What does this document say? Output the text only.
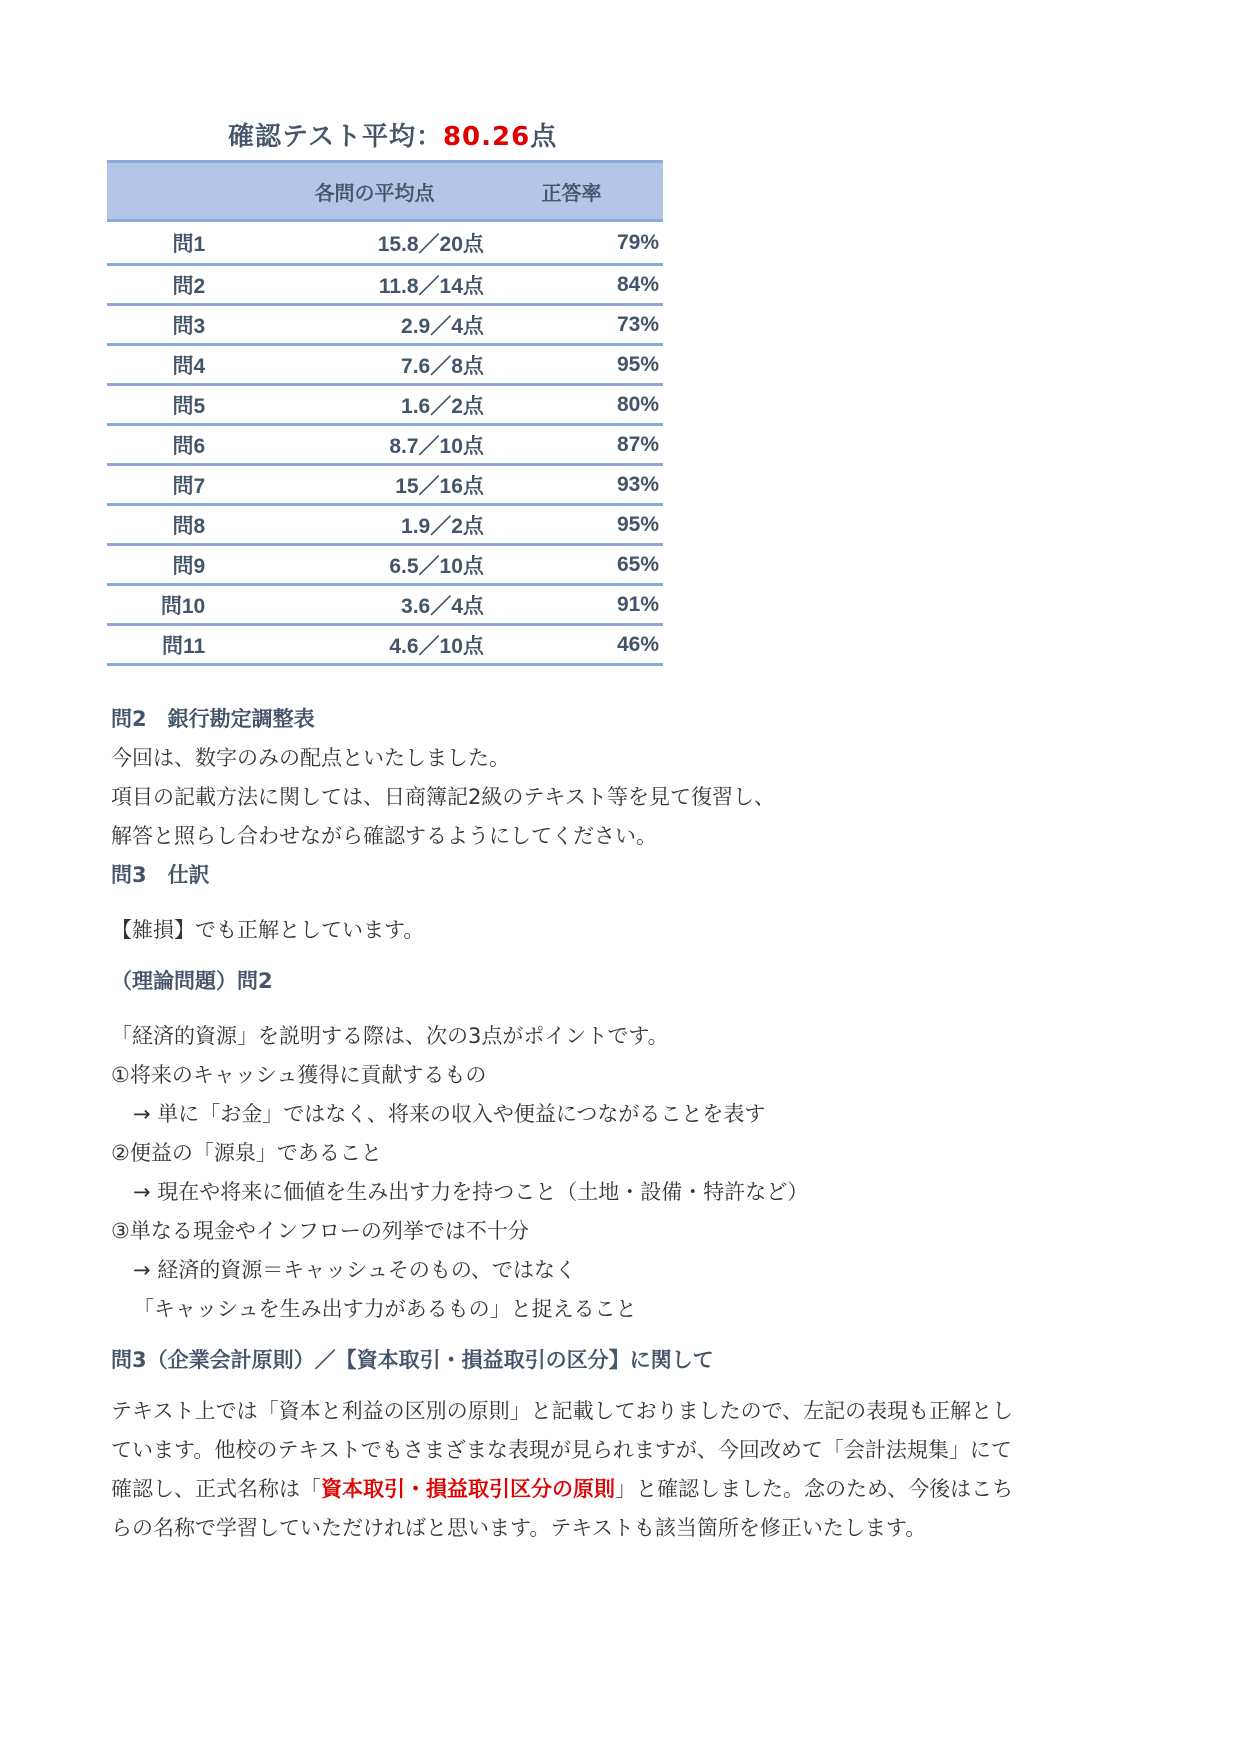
確認テスト平均：80.26点
	各問の平均点	正答率
問1	15.8／20点	79%
問2	11.8／14点	84%
問3	2.9／4点	73%
問4	7.6／8点	95%
問5	1.6／2点	80%
問6	8.7／10点	87%
問7	15／16点	93%
問8	1.9／2点	95%
問9	6.5／10点	65%
問10	3.6／4点	91%
問11	4.6／10点	46%

問2　銀行勘定調整表

今回は、数字のみの配点といたしました。

項目の記載方法に関しては、日商簿記2級のテキスト等を見て復習し、

解答と照らし合わせながら確認するようにしてください。

問3　仕訳

【雑損】でも正解としています。

（理論問題）問2

「経済的資源」を説明する際は、次の3点がポイントです。

①将来のキャッシュ獲得に貢献するもの

→ 単に「お金」ではなく、将来の収入や便益につながることを表す

②便益の「源泉」であること

→ 現在や将来に価値を生み出す力を持つこと（土地・設備・特許など）

③単なる現金やインフローの列挙では不十分

→ 経済的資源＝キャッシュそのもの、ではなく

「キャッシュを生み出す力があるもの」と捉えること

問3（企業会計原則）／【資本取引・損益取引の区分】に関して

テキスト上では「資本と利益の区別の原則」と記載しておりましたので、左記の表現も正解とし

ています。他校のテキストでもさまざまな表現が見られますが、今回改めて「会計法規集」にて

確認し、正式名称は「資本取引・損益取引区分の原則」と確認しました。念のため、今後はこち

らの名称で学習していただければと思います。テキストも該当箇所を修正いたします。
